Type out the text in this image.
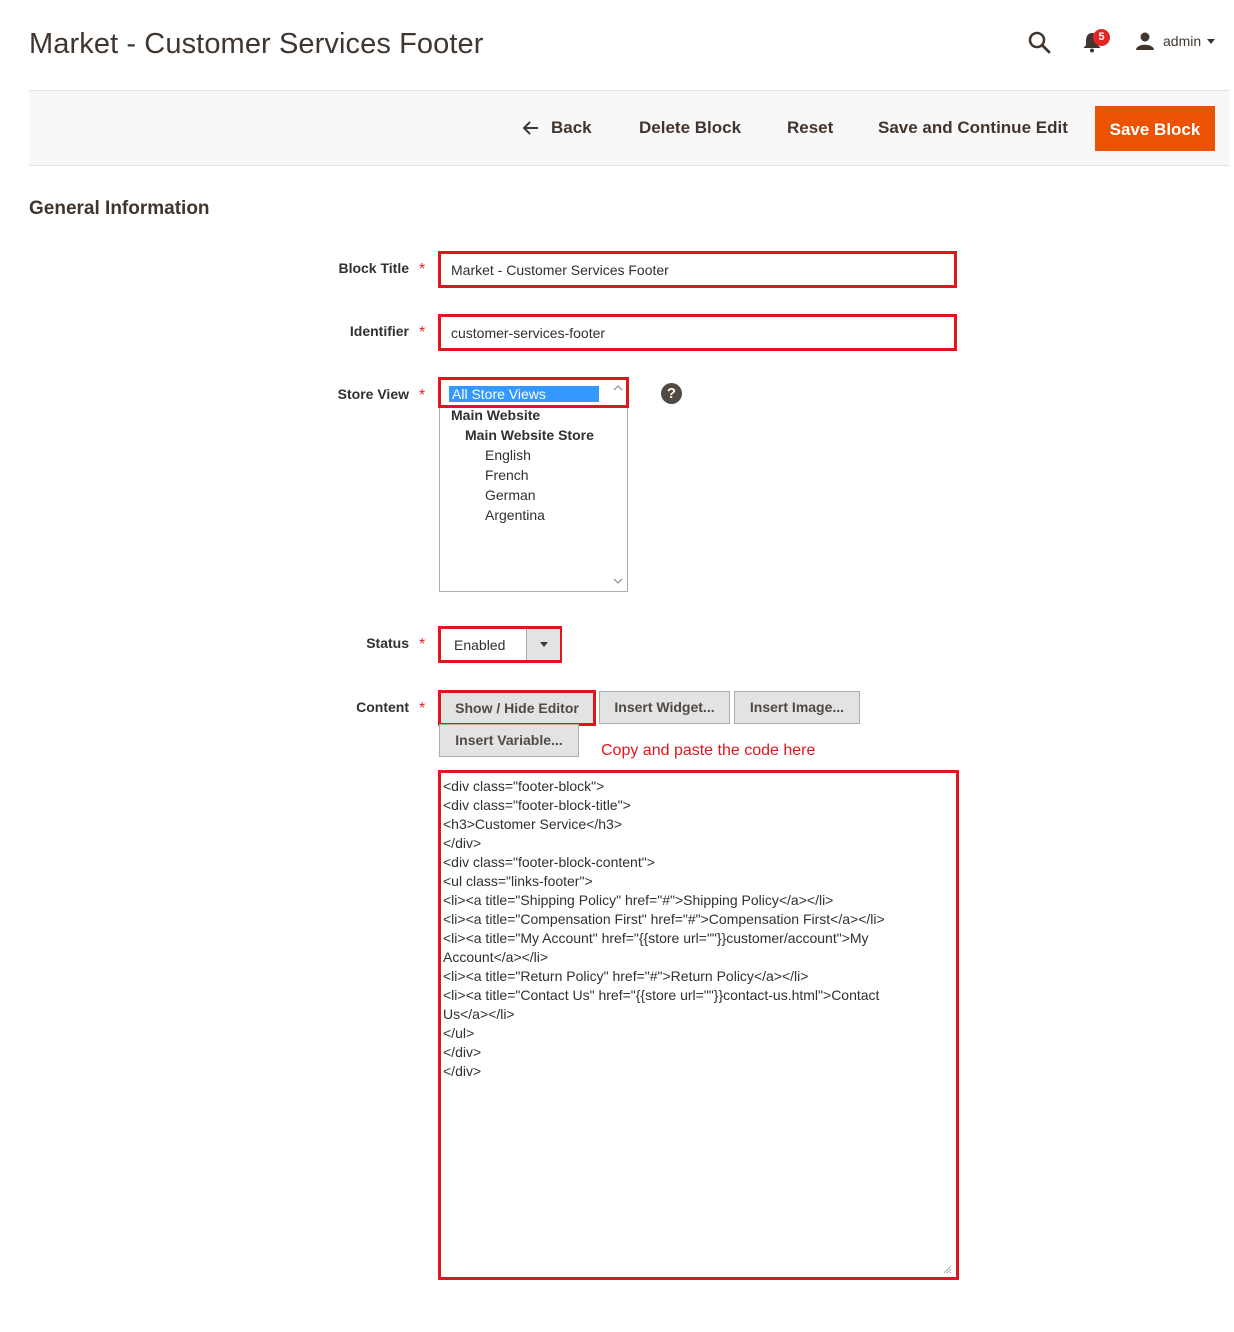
Market - Customer Services Footer	5	admin
Back	Delete Block	Reset	Save and Continue Edit	Save Block
General Information
Block Title *	Market - Customer Services Footer
Identifier *	customer-services-footer
Store View * All Store Views
Main Website
Main Website Store
English
French
German
Argentina
?
Status * Enabled
Content *	Show / Hide Editor	Insert Widget...	Insert Image...
Insert Variable...
Copy and paste the code here
<div class="footer-block">
<div class="footer-block-title">
<h3>Customer Service</h3>
</div>
<div class="footer-block-content">
<ul class="links-footer">
<li><a title="Shipping Policy" href="#">Shipping Policy</a></li>
<li><a title="Compensation First" href="#">Compensation First</a></li>
<li><a title="My Account" href="{{store url=""}}customer/account">My
Account</a></li>
<li><a title="Return Policy" href="#">Return Policy</a></li>
<li><a title="Contact Us" href="{{store url=""}}contact-us.html">Contact
Us</a></li>
</ul>
</div>
</div>
